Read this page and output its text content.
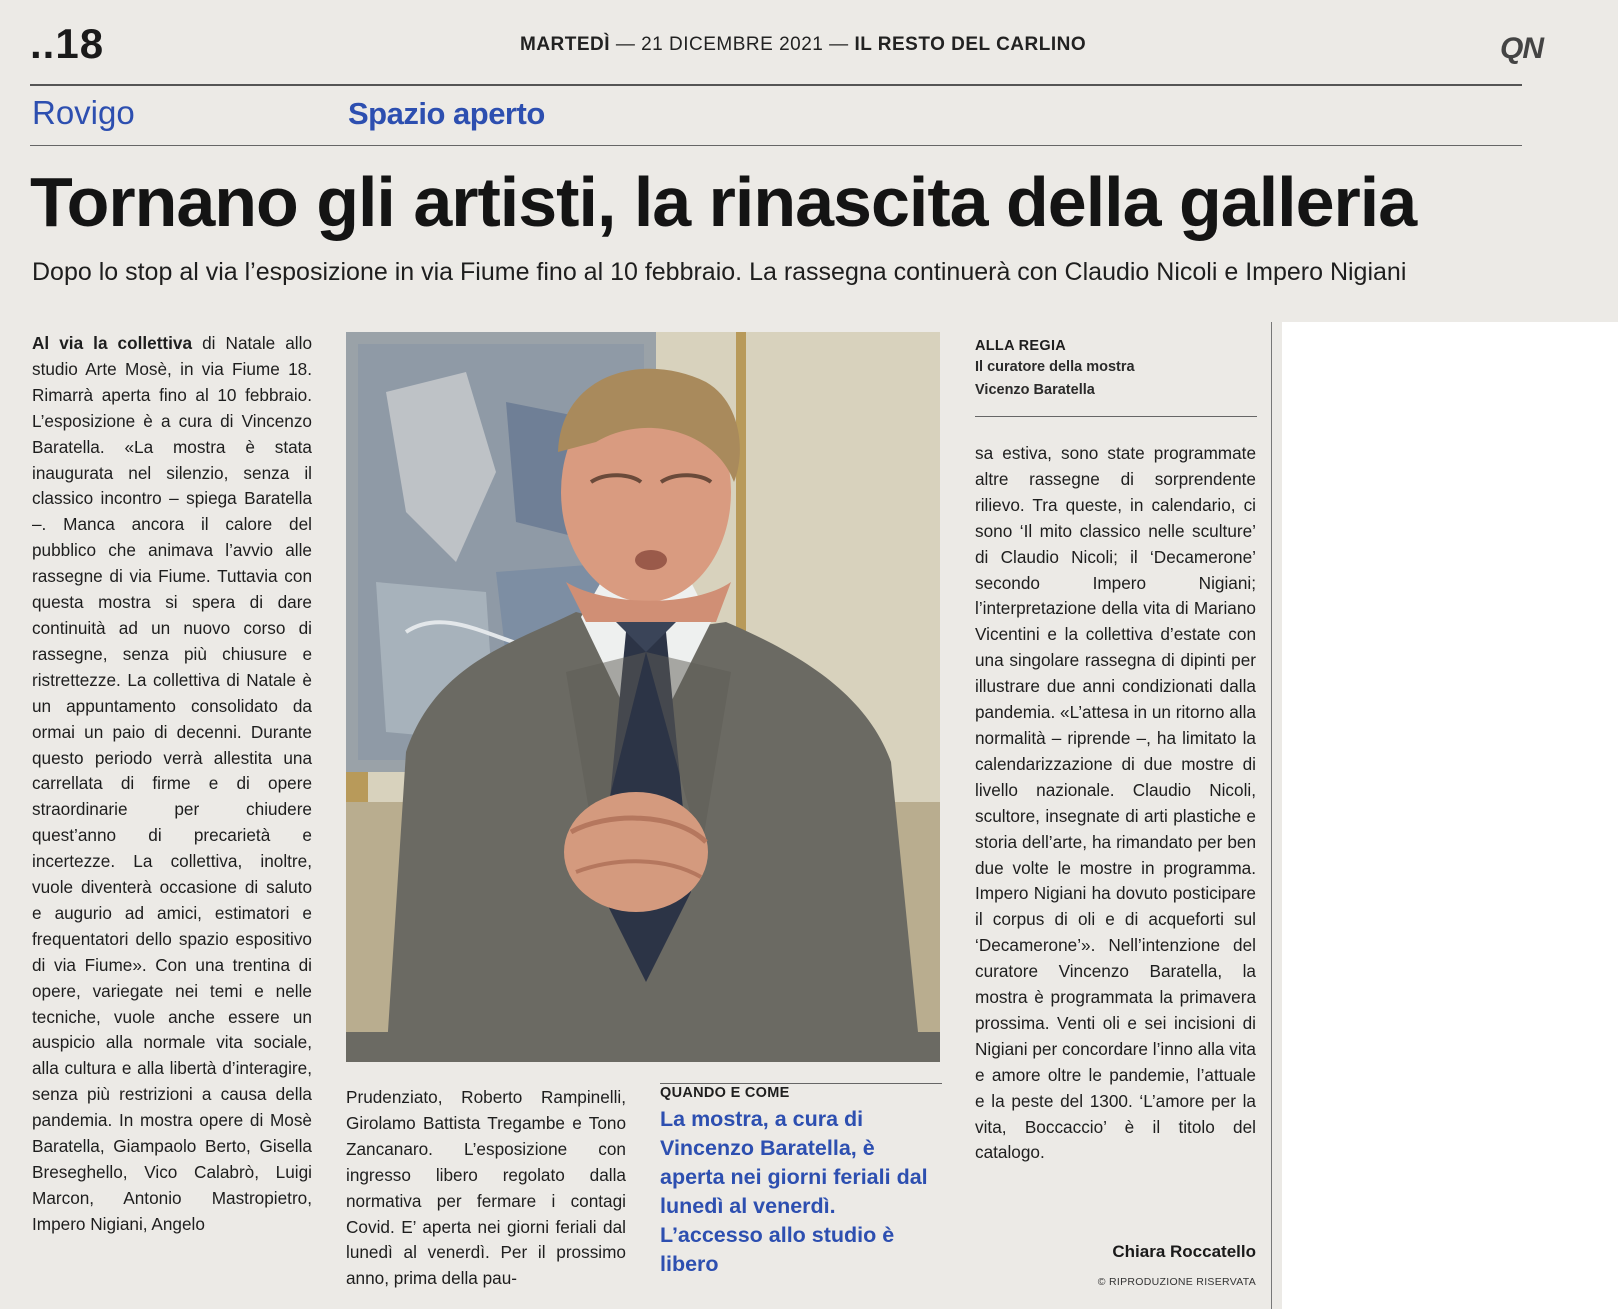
..18	MARTEDÌ — 21 DICEMBRE 2021 — IL RESTO DEL CARLINO	QN
Rovigo	Spazio aperto
Tornano gli artisti, la rinascita della galleria
Dopo lo stop al via l’esposizione in via Fiume fino al 10 febbraio. La rassegna continuerà con Claudio Nicoli e Impero Nigiani
Al via la collettiva di Natale allo studio Arte Mosè, in via Fiume 18. Rimarrà aperta fino al 10 febbraio. L’esposizione è a cura di Vincenzo Baratella. «La mostra è stata inaugurata nel silenzio, senza il classico incontro – spiega Baratella –. Manca ancora il calore del pubblico che animava l’avvio alle rassegne di via Fiume. Tuttavia con questa mostra si spera di dare continuità ad un nuovo corso di rassegne, senza più chiusure e ristrettezze. La collettiva di Natale è un appuntamento consolidato da ormai un paio di decenni. Durante questo periodo verrà allestita una carrellata di firme e di opere straordinarie per chiudere quest’anno di precarietà e incertezze. La collettiva, inoltre, vuole diventerà occasione di saluto e augurio ad amici, estimatori e frequentatori dello spazio espositivo di via Fiume». Con una trentina di opere, variegate nei temi e nelle tecniche, vuole anche essere un auspicio alla normale vita sociale, alla cultura e alla libertà d’interagire, senza più restrizioni a causa della pandemia. In mostra opere di Mosè Baratella, Giampaolo Berto, Gisella Breseghello, Vico Calabrò, Luigi Marcon, Antonio Mastropietro, Impero Nigiani, Angelo
ALLA REGIA
Il curatore della mostra
Vicenzo Baratella
Prudenziato, Roberto Rampinelli, Girolamo Battista Tregambe e Tono Zancanaro. L’esposizione con ingresso libero regolato dalla normativa per fermare i contagi Covid. E’ aperta nei giorni feriali dal lunedì al venerdì. Per il prossimo anno, prima della pau-
QUANDO E COME
La mostra, a cura di Vincenzo Baratella, è aperta nei giorni feriali dal lunedì al venerdì. L’accesso allo studio è libero
sa estiva, sono state programmate altre rassegne di sorprendente rilievo. Tra queste, in calendario, ci sono ‘Il mito classico nelle sculture’ di Claudio Nicoli; il ‘Decamerone’ secondo Impero Nigiani; l’interpretazione della vita di Mariano Vicentini e la collettiva d’estate con una singolare rassegna di dipinti per illustrare due anni condizionati dalla pandemia. «L’attesa in un ritorno alla normalità – riprende –, ha limitato la calendarizzazione di due mostre di livello nazionale. Claudio Nicoli, scultore, insegnate di arti plastiche e storia dell’arte, ha rimandato per ben due volte le mostre in programma. Impero Nigiani ha dovuto posticipare il corpus di oli e di acqueforti sul ‘Decamerone’». Nell’intenzione del curatore Vincenzo Baratella, la mostra è programmata la primavera prossima. Venti oli e sei incisioni di Nigiani per concordare l’inno alla vita e amore oltre le pandemie, l’attuale e la peste del 1300. ‘L’amore per la vita, Boccaccio’ è il titolo del catalogo.
Chiara Roccatello
© RIPRODUZIONE RISERVATA
